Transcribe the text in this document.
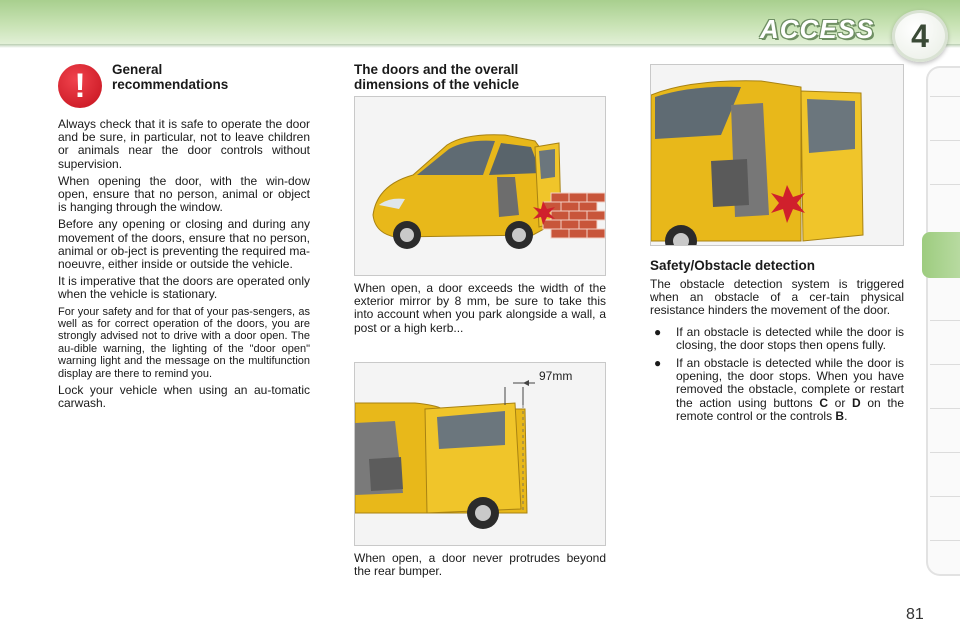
ACCESS	4
!	General
recommendations

Always check that it is safe to operate the door and be sure, in particular, not to leave children or animals near the door controls without supervision.

When opening the door, with the win-dow open, ensure that no person, animal or object is hanging through the window.

Before any opening or closing and during any movement of the doors, ensure that no person, animal or ob-ject is preventing the required ma-noeuvre, either inside or outside the vehicle.

It is imperative that the doors are operated only when the vehicle is stationary.

For your safety and for that of your pas-sengers, as well as for correct operation of the doors, you are strongly advised not to drive with a door open. The au-dible warning, the lighting of the "door open" warning light and the message on the multifunction display are there to remind you.

Lock your vehicle when using an au-tomatic carwash.

The doors and the overall
dimensions of the vehicle

When open, a door exceeds the width of the exterior mirror by 8 mm, be sure to take this into account when you park alongside a wall, a post or a high kerb...

97mm

When open, a door never protrudes beyond the rear bumper.

Safety/Obstacle detection

The obstacle detection system is triggered when an obstacle of a cer-tain physical resistance hinders the movement of the door.

●	If an obstacle is detected while the door is closing, the door stops then opens fully.
●	If an obstacle is detected while the door is opening, the door stops. When you have removed the obstacle, complete or restart the action using buttons C or D on the remote control or the controls B.
81
